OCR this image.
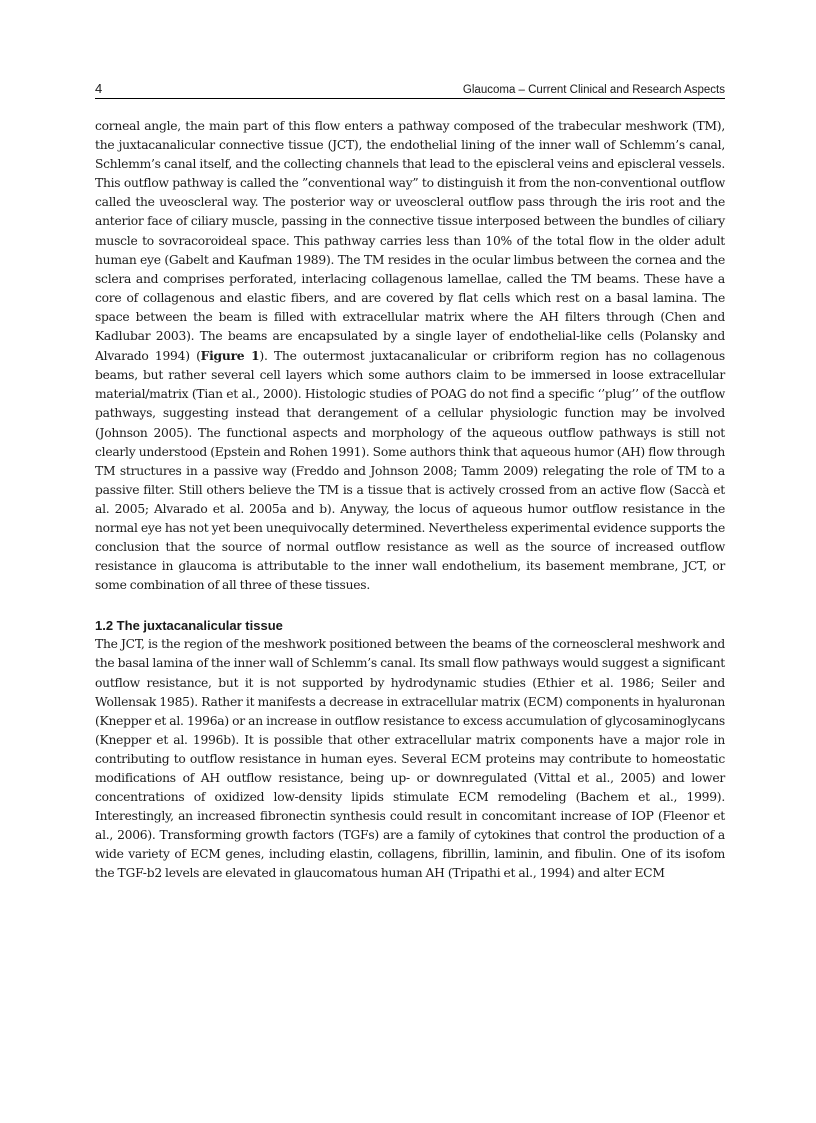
4	Glaucoma – Current Clinical and Research Aspects

corneal angle, the main part of this flow enters a pathway composed of the trabecular meshwork (TM), the juxtacanalicular connective tissue (JCT), the endothelial lining of the inner wall of Schlemm’s canal, Schlemm’s canal itself, and the collecting channels that lead to the episcleral veins and episcleral vessels. This outflow pathway is called the ”conventional way” to distinguish it from the non-conventional outflow called the uveoscleral way. The posterior way or uveoscleral outflow pass through the iris root and the anterior face of ciliary muscle, passing in the connective tissue interposed between the bundles of ciliary muscle to sovracoroideal space. This pathway carries less than 10% of the total flow in the older adult human eye (Gabelt and Kaufman 1989). The TM resides in the ocular limbus between the cornea and the sclera and comprises perforated, interlacing collagenous lamellae, called the TM beams. These have a core of collagenous and elastic fibers, and are covered by flat cells which rest on a basal lamina. The space between the beam is filled with extracellular matrix where the AH filters through (Chen and Kadlubar 2003). The beams are encapsulated by a single layer of endothelial-like cells (Polansky and Alvarado 1994) (Figure 1). The outermost juxtacanalicular or cribriform region has no collagenous beams, but rather several cell layers which some authors claim to be immersed in loose extracellular material/matrix (Tian et al., 2000). Histologic studies of POAG do not find a specific ‘’plug’’ of the outflow pathways, suggesting instead that derangement of a cellular physiologic function may be involved (Johnson 2005). The functional aspects and morphology of the aqueous outflow pathways is still not clearly understood (Epstein and Rohen 1991). Some authors think that aqueous humor (AH) flow through TM structures in a passive way (Freddo and Johnson 2008; Tamm 2009) relegating the role of TM to a passive filter. Still others believe the TM is a tissue that is actively crossed from an active flow (Saccà et al. 2005; Alvarado et al. 2005a and b). Anyway, the locus of aqueous humor outflow resistance in the normal eye has not yet been unequivocally determined. Nevertheless experimental evidence supports the conclusion that the source of normal outflow resistance as well as the source of increased outflow resistance in glaucoma is attributable to the inner wall endothelium, its basement membrane, JCT, or some combination of all three of these tissues.

1.2 The juxtacanalicular tissue

The JCT, is the region of the meshwork positioned between the beams of the corneoscleral meshwork and the basal lamina of the inner wall of Schlemm’s canal. Its small flow pathways would suggest a significant outflow resistance, but it is not supported by hydrodynamic studies (Ethier et al. 1986; Seiler and Wollensak 1985). Rather it manifests a decrease in extracellular matrix (ECM) components in hyaluronan (Knepper et al. 1996a) or an increase in outflow resistance to excess accumulation of glycosaminoglycans (Knepper et al. 1996b). It is possible that other extracellular matrix components have a major role in contributing to outflow resistance in human eyes. Several ECM proteins may contribute to homeostatic modifications of AH outflow resistance, being up- or downregulated (Vittal et al., 2005) and lower concentrations of oxidized low-density lipids stimulate ECM remodeling (Bachem et al., 1999). Interestingly, an increased fibronectin synthesis could result in concomitant increase of IOP (Fleenor et al., 2006). Transforming growth factors (TGFs) are a family of cytokines that control the production of a wide variety of ECM genes, including elastin, collagens, fibrillin, laminin, and fibulin. One of its isofom the TGF-b2 levels are elevated in glaucomatous human AH (Tripathi et al., 1994) and alter ECM
